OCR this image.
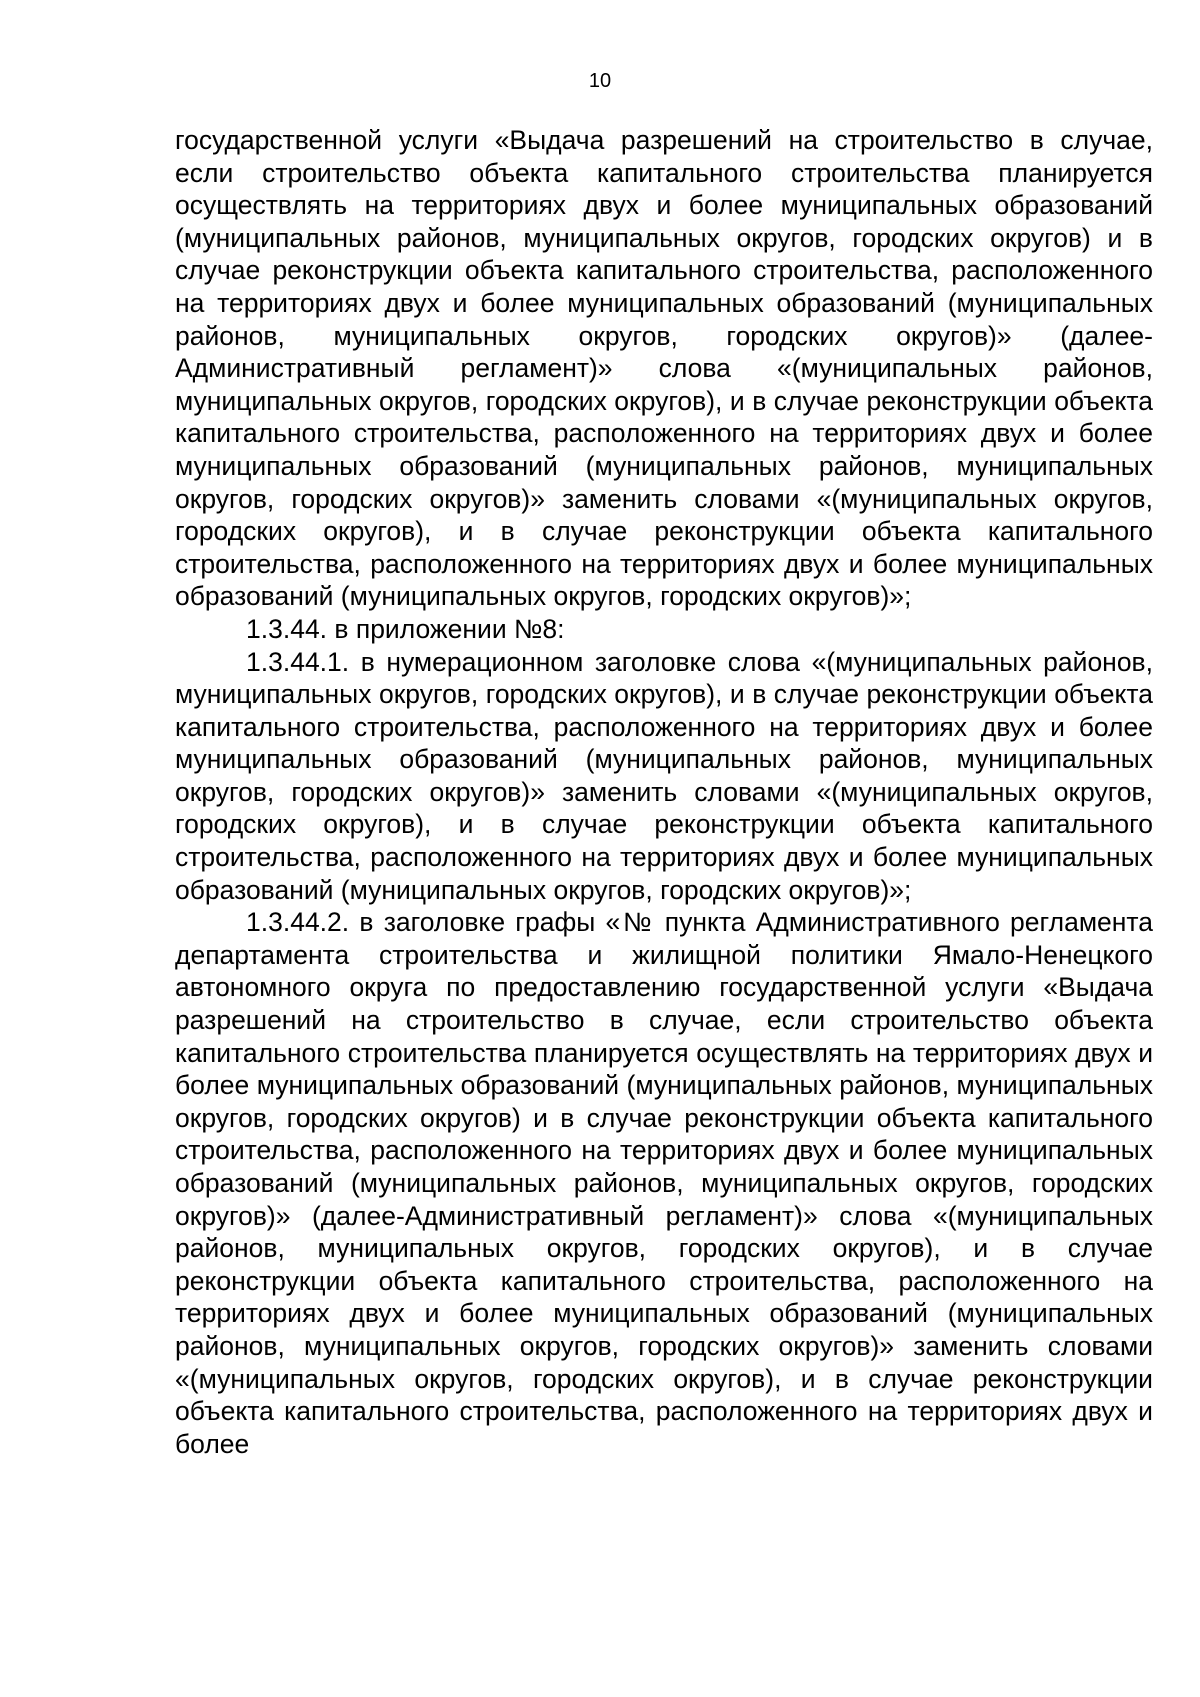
10

государственной услуги «Выдача разрешений на строительство в случае, если строительство объекта капитального строительства планируется осуществлять на территориях двух и более муниципальных образований (муниципальных районов, муниципальных округов, городских округов) и в случае реконструкции объекта капитального строительства, расположенного на территориях двух и более муниципальных образований (муниципальных районов, муниципальных округов, городских округов)» (далее-Административный регламент)» слова «(муниципальных районов, муниципальных округов, городских округов), и в случае реконструкции объекта капитального строительства, расположенного на территориях двух и более муниципальных образований (муниципальных районов, муниципальных округов, городских округов)» заменить словами «(муниципальных округов, городских округов), и в случае реконструкции объекта капитального строительства, расположенного на территориях двух и более муниципальных образований (муниципальных округов, городских округов)»;

1.3.44. в приложении №8:

1.3.44.1. в нумерационном заголовке слова «(муниципальных районов, муниципальных округов, городских округов), и в случае реконструкции объекта капитального строительства, расположенного на территориях двух и более муниципальных образований (муниципальных районов, муниципальных округов, городских округов)» заменить словами «(муниципальных округов, городских округов), и в случае реконструкции объекта капитального строительства, расположенного на территориях двух и более муниципальных образований (муниципальных округов, городских округов)»;

1.3.44.2. в заголовке графы «№ пункта Административного регламента департамента строительства и жилищной политики Ямало-Ненецкого автономного округа по предоставлению государственной услуги «Выдача разрешений на строительство в случае, если строительство объекта капитального строительства планируется осуществлять на территориях двух и более муниципальных образований (муниципальных районов, муниципальных округов, городских округов) и в случае реконструкции объекта капитального строительства, расположенного на территориях двух и более муниципальных образований (муниципальных районов, муниципальных округов, городских округов)» (далее-Административный регламент)» слова «(муниципальных районов, муниципальных округов, городских округов), и в случае реконструкции объекта капитального строительства, расположенного на территориях двух и более муниципальных образований (муниципальных районов, муниципальных округов, городских округов)» заменить словами «(муниципальных округов, городских округов), и в случае реконструкции объекта капитального строительства, расположенного на территориях двух и более
